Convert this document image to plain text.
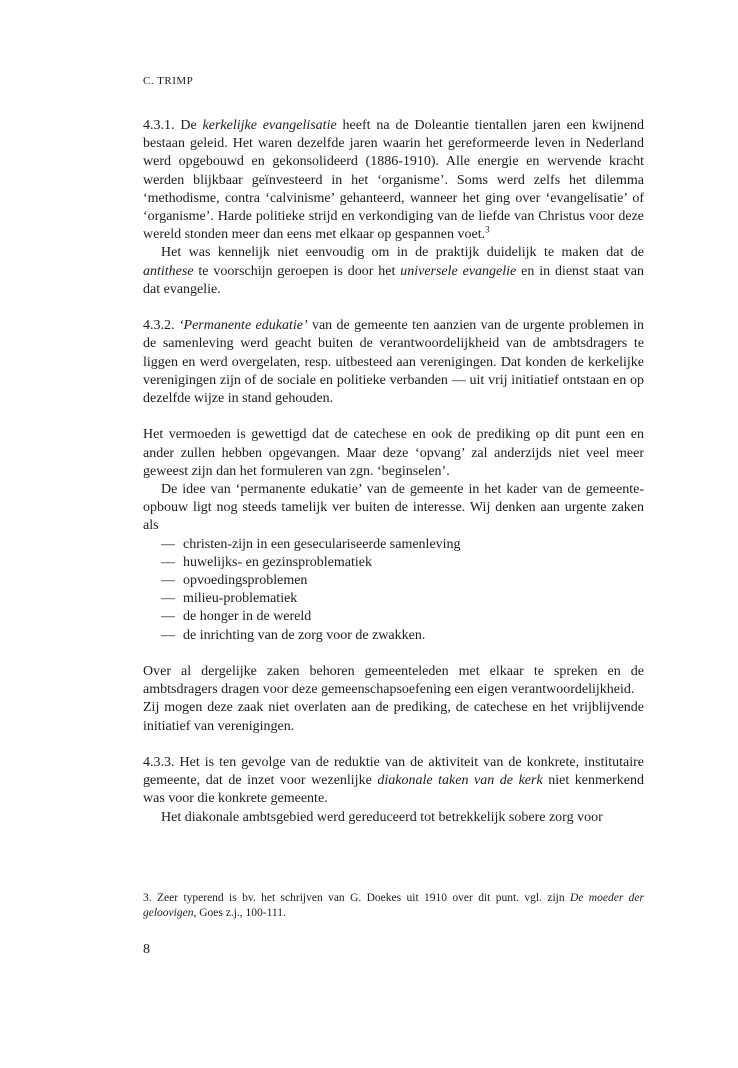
C. TRIMP

4.3.1. De kerkelijke evangelisatie heeft na de Doleantie tientallen jaren een kwijnend bestaan geleid. Het waren dezelfde jaren waarin het gereformeerde leven in Nederland werd opgebouwd en gekonsolideerd (1886-1910). Alle energie en wervende kracht werden blijkbaar geïnvesteerd in het ‘organisme’. Soms werd zelfs het dilemma ‘methodisme, contra ‘calvinisme’ gehanteerd, wanneer het ging over ‘evangelisatie’ of ‘organisme’. Harde politieke strijd en verkondiging van de liefde van Christus voor deze wereld stonden meer dan eens met elkaar op gespannen voet.$^3$

Het was kennelijk niet eenvoudig om in de praktijk duidelijk te maken dat de antithese te voorschijn geroepen is door het universele evangelie en in dienst staat van dat evangelie.

4.3.2. ‘Permanente edukatie’ van de gemeente ten aanzien van de urgente problemen in de samenleving werd geacht buiten de verantwoordelijkheid van de ambtsdragers te liggen en werd overgelaten, resp. uitbesteed aan verenigingen. Dat konden de kerkelijke verenigingen zijn of de sociale en politieke verbanden — uit vrij initiatief ontstaan en op dezelfde wijze in stand gehouden.

Het vermoeden is gewettigd dat de catechese en ook de prediking op dit punt een en ander zullen hebben opgevangen. Maar deze ‘opvang’ zal anderzijds niet veel meer geweest zijn dan het formuleren van zgn. ‘beginselen’.

De idee van ‘permanente edukatie’ van de gemeente in het kader van de gemeente-opbouw ligt nog steeds tamelijk ver buiten de interesse. Wij denken aan urgente zaken als

— christen-zijn in een geseculariseerde samenleving
— huwelijks- en gezinsproblematiek
— opvoedingsproblemen
— milieu-problematiek
— de honger in de wereld
— de inrichting van de zorg voor de zwakken.

Over al dergelijke zaken behoren gemeenteleden met elkaar te spreken en de ambtsdragers dragen voor deze gemeenschapsoefening een eigen verantwoordelijkheid.

Zij mogen deze zaak niet overlaten aan de prediking, de catechese en het vrijblijvende initiatief van verenigingen.

4.3.3. Het is ten gevolge van de reduktie van de aktiviteit van de konkrete, institutaire gemeente, dat de inzet voor wezenlijke diakonale taken van de kerk niet kenmerkend was voor die konkrete gemeente.

Het diakonale ambtsgebied werd gereduceerd tot betrekkelijk sobere zorg voor

3. Zeer typerend is bv. het schrijven van G. Doekes uit 1910 over dit punt. vgl. zijn De moeder der geloovigen, Goes z.j., 100-111.
8
